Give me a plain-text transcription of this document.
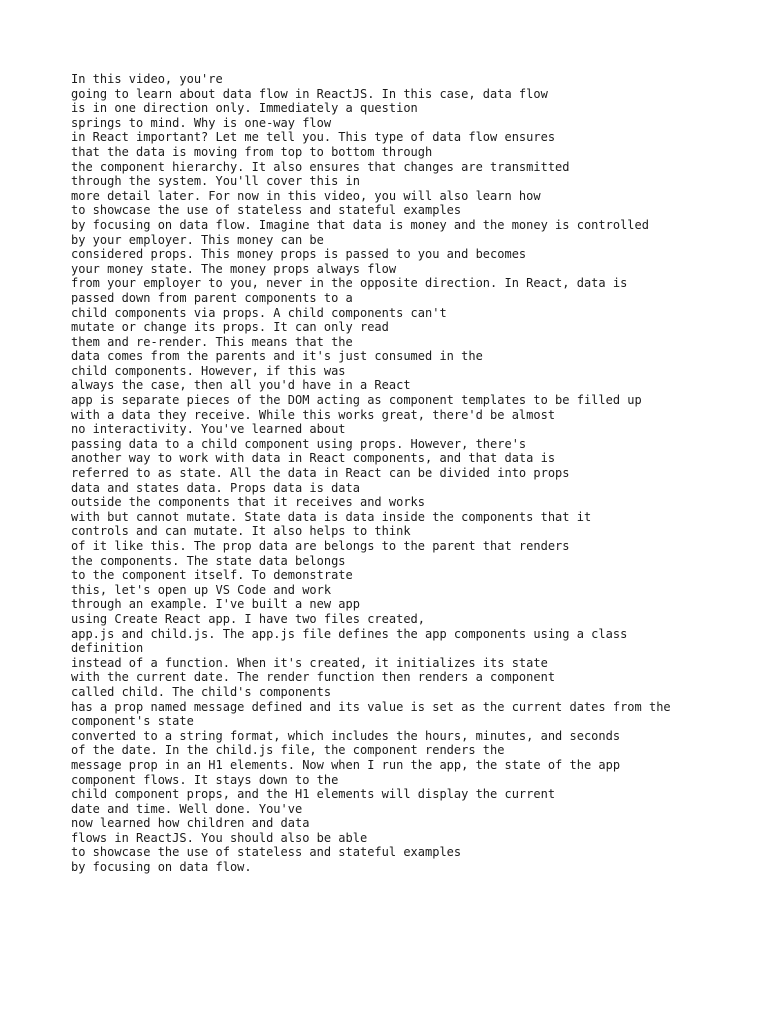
In this video, you're
going to learn about data flow in ReactJS. In this case, data flow
is in one direction only. Immediately a question
springs to mind. Why is one-way flow
in React important? Let me tell you. This type of data flow ensures
that the data is moving from top to bottom through
the component hierarchy. It also ensures that changes are transmitted
through the system. You'll cover this in
more detail later. For now in this video, you will also learn how
to showcase the use of stateless and stateful examples
by focusing on data flow. Imagine that data is money and the money is controlled
by your employer. This money can be
considered props. This money props is passed to you and becomes
your money state. The money props always flow
from your employer to you, never in the opposite direction. In React, data is
passed down from parent components to a
child components via props. A child components can't
mutate or change its props. It can only read
them and re-render. This means that the
data comes from the parents and it's just consumed in the
child components. However, if this was
always the case, then all you'd have in a React
app is separate pieces of the DOM acting as component templates to be filled up
with a data they receive. While this works great, there'd be almost
no interactivity. You've learned about
passing data to a child component using props. However, there's
another way to work with data in React components, and that data is
referred to as state. All the data in React can be divided into props
data and states data. Props data is data
outside the components that it receives and works
with but cannot mutate. State data is data inside the components that it
controls and can mutate. It also helps to think
of it like this. The prop data are belongs to the parent that renders
the components. The state data belongs
to the component itself. To demonstrate
this, let's open up VS Code and work
through an example. I've built a new app
using Create React app. I have two files created,
app.js and child.js. The app.js file defines the app components using a class
definition
instead of a function. When it's created, it initializes its state
with the current date. The render function then renders a component
called child. The child's components
has a prop named message defined and its value is set as the current dates from the
component's state
converted to a string format, which includes the hours, minutes, and seconds
of the date. In the child.js file, the component renders the
message prop in an H1 elements. Now when I run the app, the state of the app
component flows. It stays down to the
child component props, and the H1 elements will display the current
date and time. Well done. You've
now learned how children and data
flows in ReactJS. You should also be able
to showcase the use of stateless and stateful examples
by focusing on data flow.
